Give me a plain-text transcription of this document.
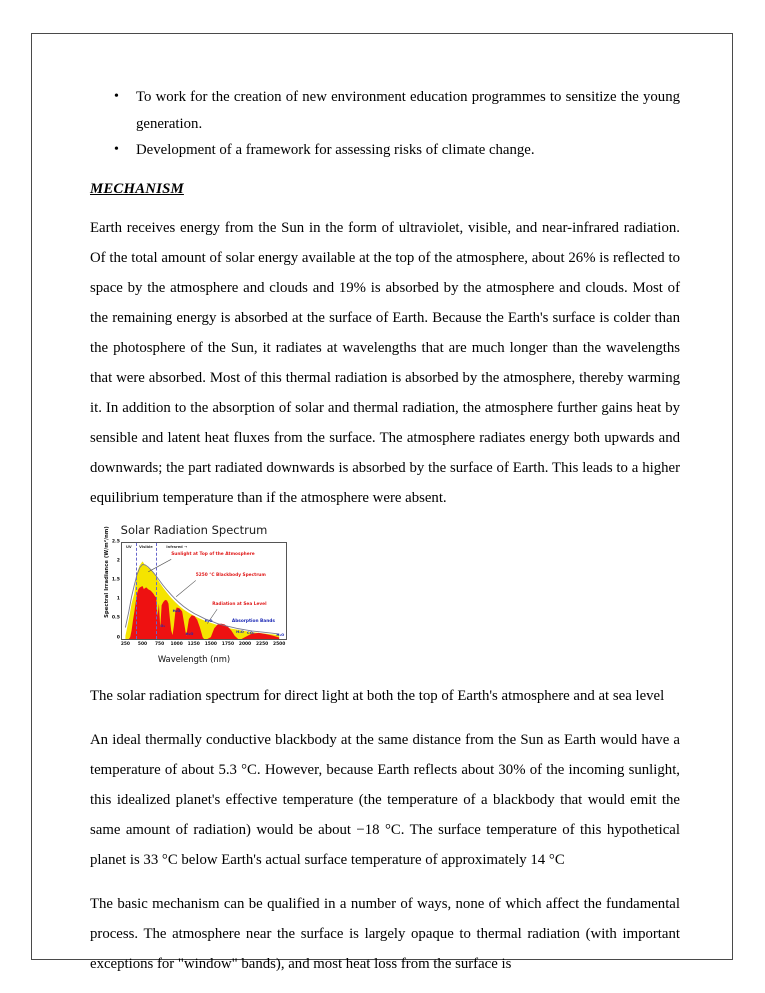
• To work for the creation of new environment education programmes to sensitize the young generation.
• Development of a framework for assessing risks of climate change.
MECHANISM

Earth receives energy from the Sun in the form of ultraviolet, visible, and near-infrared radiation. Of the total amount of solar energy available at the top of the atmosphere, about 26% is reflected to space by the atmosphere and clouds and 19% is absorbed by the atmosphere and clouds. Most of the remaining energy is absorbed at the surface of Earth. Because the Earth's surface is colder than the photosphere of the Sun, it radiates at wavelengths that are much longer than the wavelengths that were absorbed. Most of this thermal radiation is absorbed by the atmosphere, thereby warming it. In addition to the absorption of solar and thermal radiation, the atmosphere further gains heat by sensible and latent heat fluxes from the surface. The atmosphere radiates energy both upwards and downwards; the part radiated downwards is absorbed by the surface of Earth. This leads to a higher equilibrium temperature than if the atmosphere were absent.

Solar Radiation Spectrum
Spectral Irradiance (W/m²/nm)
0
0.5
1
1.5
2
2.5
UV Visible	Infrared →
H₂O
O₂
H₂O
H₂O
H₂O CO₂
H₂O
Sunlight at Top of the Atmosphere
5250 °C Blackbody Spectrum
Radiation at Sea Level
Absorption Bands
250 500 750 1000 1250 1500 1750 2000 2250 2500
Wavelength (nm)

The solar radiation spectrum for direct light at both the top of Earth's atmosphere and at sea level

An ideal thermally conductive blackbody at the same distance from the Sun as Earth would have a temperature of about 5.3 °C. However, because Earth reflects about 30% of the incoming sunlight, this idealized planet's effective temperature (the temperature of a blackbody that would emit the same amount of radiation) would be about −18 °C. The surface temperature of this hypothetical planet is 33 °C below Earth's actual surface temperature of approximately 14 °C

The basic mechanism can be qualified in a number of ways, none of which affect the fundamental process. The atmosphere near the surface is largely opaque to thermal radiation (with important exceptions for "window" bands), and most heat loss from the surface is
